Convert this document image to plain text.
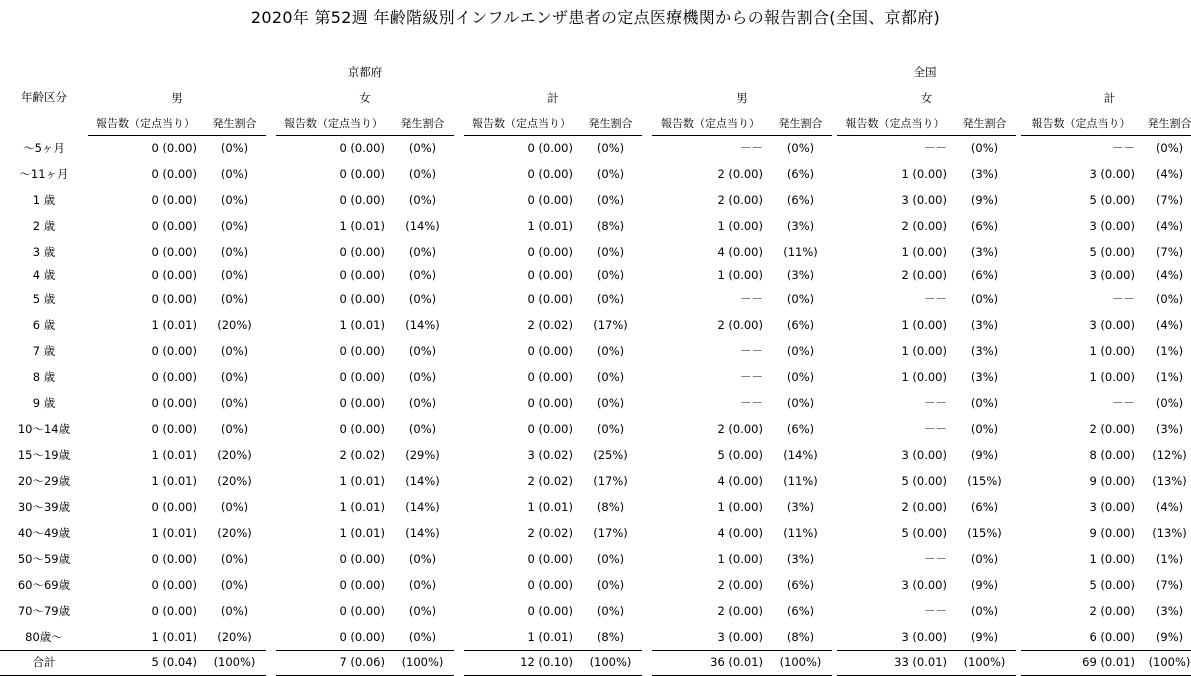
2020年 第52週 年齢階級別インフルエンザ患者の定点医療機関からの報告割合(全国、京都府)
年齢区分	京都府									全国							
	男			女			計			男			女			計	
	報告数（定点当り）	発生割合		報告数（定点当り）	発生割合		報告数（定点当り）	発生割合		報告数（定点当り）	発生割合		報告数（定点当り）	発生割合		報告数（定点当り）	発生割合
～5ヶ月	0 (0.00)	(0%)		0 (0.00)	(0%)		0 (0.00)	(0%)		－－	(0%)		－－	(0%)		－－	(0%)
～11ヶ月	0 (0.00)	(0%)		0 (0.00)	(0%)		0 (0.00)	(0%)		2 (0.00)	(6%)		1 (0.00)	(3%)		3 (0.00)	(4%)
1 歳	0 (0.00)	(0%)		0 (0.00)	(0%)		0 (0.00)	(0%)		2 (0.00)	(6%)		3 (0.00)	(9%)		5 (0.00)	(7%)
2 歳	0 (0.00)	(0%)		1 (0.01)	(14%)		1 (0.01)	(8%)		1 (0.00)	(3%)		2 (0.00)	(6%)		3 (0.00)	(4%)
3 歳	0 (0.00)	(0%)		0 (0.00)	(0%)		0 (0.00)	(0%)		4 (0.00)	(11%)		1 (0.00)	(3%)		5 (0.00)	(7%)
4 歳	0 (0.00)	(0%)		0 (0.00)	(0%)		0 (0.00)	(0%)		1 (0.00)	(3%)		2 (0.00)	(6%)		3 (0.00)	(4%)
5 歳	0 (0.00)	(0%)		0 (0.00)	(0%)		0 (0.00)	(0%)		－－	(0%)		－－	(0%)		－－	(0%)
6 歳	1 (0.01)	(20%)		1 (0.01)	(14%)		2 (0.02)	(17%)		2 (0.00)	(6%)		1 (0.00)	(3%)		3 (0.00)	(4%)
7 歳	0 (0.00)	(0%)		0 (0.00)	(0%)		0 (0.00)	(0%)		－－	(0%)		1 (0.00)	(3%)		1 (0.00)	(1%)
8 歳	0 (0.00)	(0%)		0 (0.00)	(0%)		0 (0.00)	(0%)		－－	(0%)		1 (0.00)	(3%)		1 (0.00)	(1%)
9 歳	0 (0.00)	(0%)		0 (0.00)	(0%)		0 (0.00)	(0%)		－－	(0%)		－－	(0%)		－－	(0%)
10～14歳	0 (0.00)	(0%)		0 (0.00)	(0%)		0 (0.00)	(0%)		2 (0.00)	(6%)		－－	(0%)		2 (0.00)	(3%)
15～19歳	1 (0.01)	(20%)		2 (0.02)	(29%)		3 (0.02)	(25%)		5 (0.00)	(14%)		3 (0.00)	(9%)		8 (0.00)	(12%)
20～29歳	1 (0.01)	(20%)		1 (0.01)	(14%)		2 (0.02)	(17%)		4 (0.00)	(11%)		5 (0.00)	(15%)		9 (0.00)	(13%)
30～39歳	0 (0.00)	(0%)		1 (0.01)	(14%)		1 (0.01)	(8%)		1 (0.00)	(3%)		2 (0.00)	(6%)		3 (0.00)	(4%)
40～49歳	1 (0.01)	(20%)		1 (0.01)	(14%)		2 (0.02)	(17%)		4 (0.00)	(11%)		5 (0.00)	(15%)		9 (0.00)	(13%)
50～59歳	0 (0.00)	(0%)		0 (0.00)	(0%)		0 (0.00)	(0%)		1 (0.00)	(3%)		－－	(0%)		1 (0.00)	(1%)
60～69歳	0 (0.00)	(0%)		0 (0.00)	(0%)		0 (0.00)	(0%)		2 (0.00)	(6%)		3 (0.00)	(9%)		5 (0.00)	(7%)
70～79歳	0 (0.00)	(0%)		0 (0.00)	(0%)		0 (0.00)	(0%)		2 (0.00)	(6%)		－－	(0%)		2 (0.00)	(3%)
80歳～	1 (0.01)	(20%)		0 (0.00)	(0%)		1 (0.01)	(8%)		3 (0.00)	(8%)		3 (0.00)	(9%)		6 (0.00)	(9%)
合計	5 (0.04)	(100%)		7 (0.06)	(100%)		12 (0.10)	(100%)		36 (0.01)	(100%)		33 (0.01)	(100%)		69 (0.01)	(100%)
